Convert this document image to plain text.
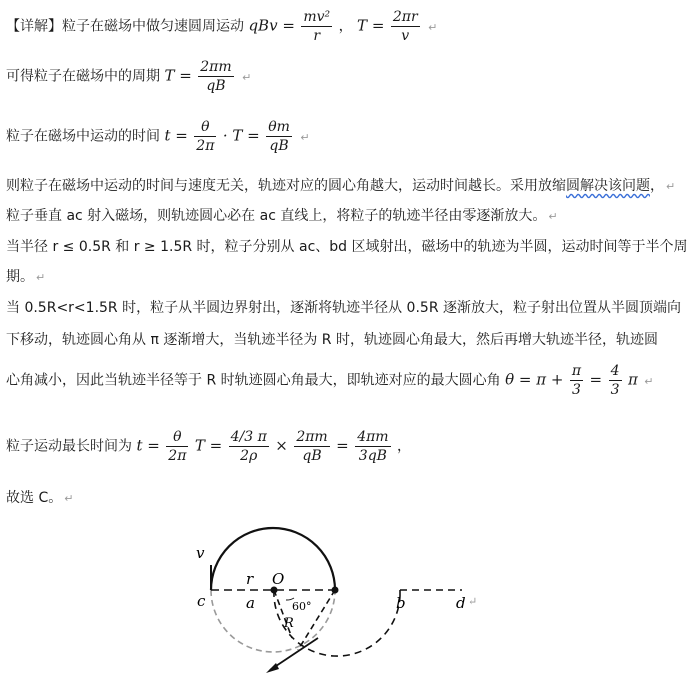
【详解】粒子在磁场中做匀速圆周运动 qBv = $\frac{\text{mv²}}{r}$ ， $T = \frac{2\pi r}{v}$ ↵
可得粒子在磁场中的周期 $T = \frac{2\pi m}{qB}$ ↵
粒子在磁场中运动的时间 $t = \frac{\theta}{2\pi} \cdot T = \frac{\theta m}{qB}$ ↵
则粒子在磁场中运动的时间与速度无关，轨迹对应的圆心角越大，运动时间越长。采用放缩圆解决该问题， ↵
粒子垂直 ac 射入磁场，则轨迹圆心必在 ac 直线上，将粒子的轨迹半径由零逐渐放大。 ↵
当半径 r ≤ 0.5R 和 r ≥ 1.5R 时，粒子分别从 ac、bd 区域射出，磁场中的轨迹为半圆，运动时间等于半个周
期。 ↵
当 0.5R<r<1.5R 时，粒子从半圆边界射出，逐渐将轨迹半径从 0.5R 逐渐放大，粒子射出位置从半圆顶端向
下移动，轨迹圆心角从 π 逐渐增大，当轨迹半径为 R 时，轨迹圆心角最大，然后再增大轨迹半径，轨迹圆
心角减小，因此当轨迹半径等于 R 时轨迹圆心角最大，即轨迹对应的最大圆心角 $\theta = \pi + \frac{\pi}{3} = \frac{4}{3}$ π ↵
粒子运动最长时间为 $t = \frac{\theta}{2\pi}$ $T = \frac{4/3 \pi}{2\rho} \times \frac{2\pi m}{qB} = \frac{4\pi m}{3qB}$ ，
故选 C。 ↵
v
r O
c	a	b	d
60°
R
↵
